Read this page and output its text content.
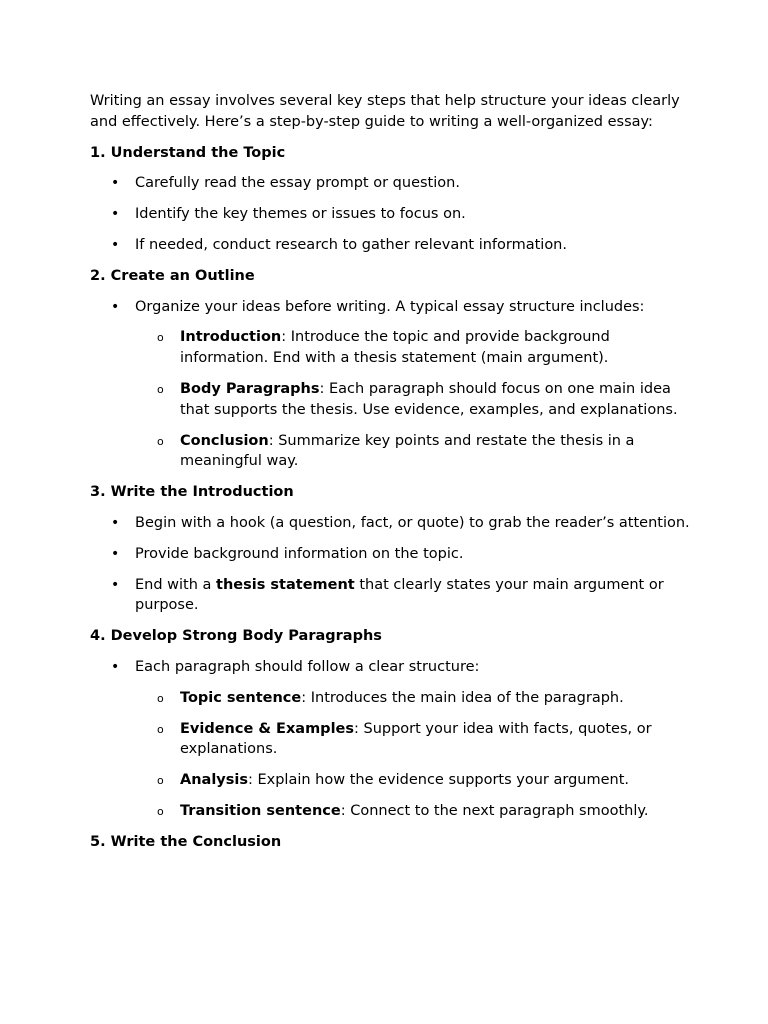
Writing an essay involves several key steps that help structure your ideas clearly and effectively. Here’s a step-by-step guide to writing a well-organized essay:

1. Understand the Topic
• Carefully read the essay prompt or question.
• Identify the key themes or issues to focus on.
• If needed, conduct research to gather relevant information.
2. Create an Outline
• Organize your ideas before writing. A typical essay structure includes:
o Introduction: Introduce the topic and provide background information. End with a thesis statement (main argument).
o Body Paragraphs: Each paragraph should focus on one main idea that supports the thesis. Use evidence, examples, and explanations.
o Conclusion: Summarize key points and restate the thesis in a meaningful way.
3. Write the Introduction
• Begin with a hook (a question, fact, or quote) to grab the reader’s attention.
• Provide background information on the topic.
• End with a thesis statement that clearly states your main argument or purpose.
4. Develop Strong Body Paragraphs
• Each paragraph should follow a clear structure:
o Topic sentence: Introduces the main idea of the paragraph.
o Evidence & Examples: Support your idea with facts, quotes, or explanations.
o Analysis: Explain how the evidence supports your argument.
o Transition sentence: Connect to the next paragraph smoothly.
5. Write the Conclusion
